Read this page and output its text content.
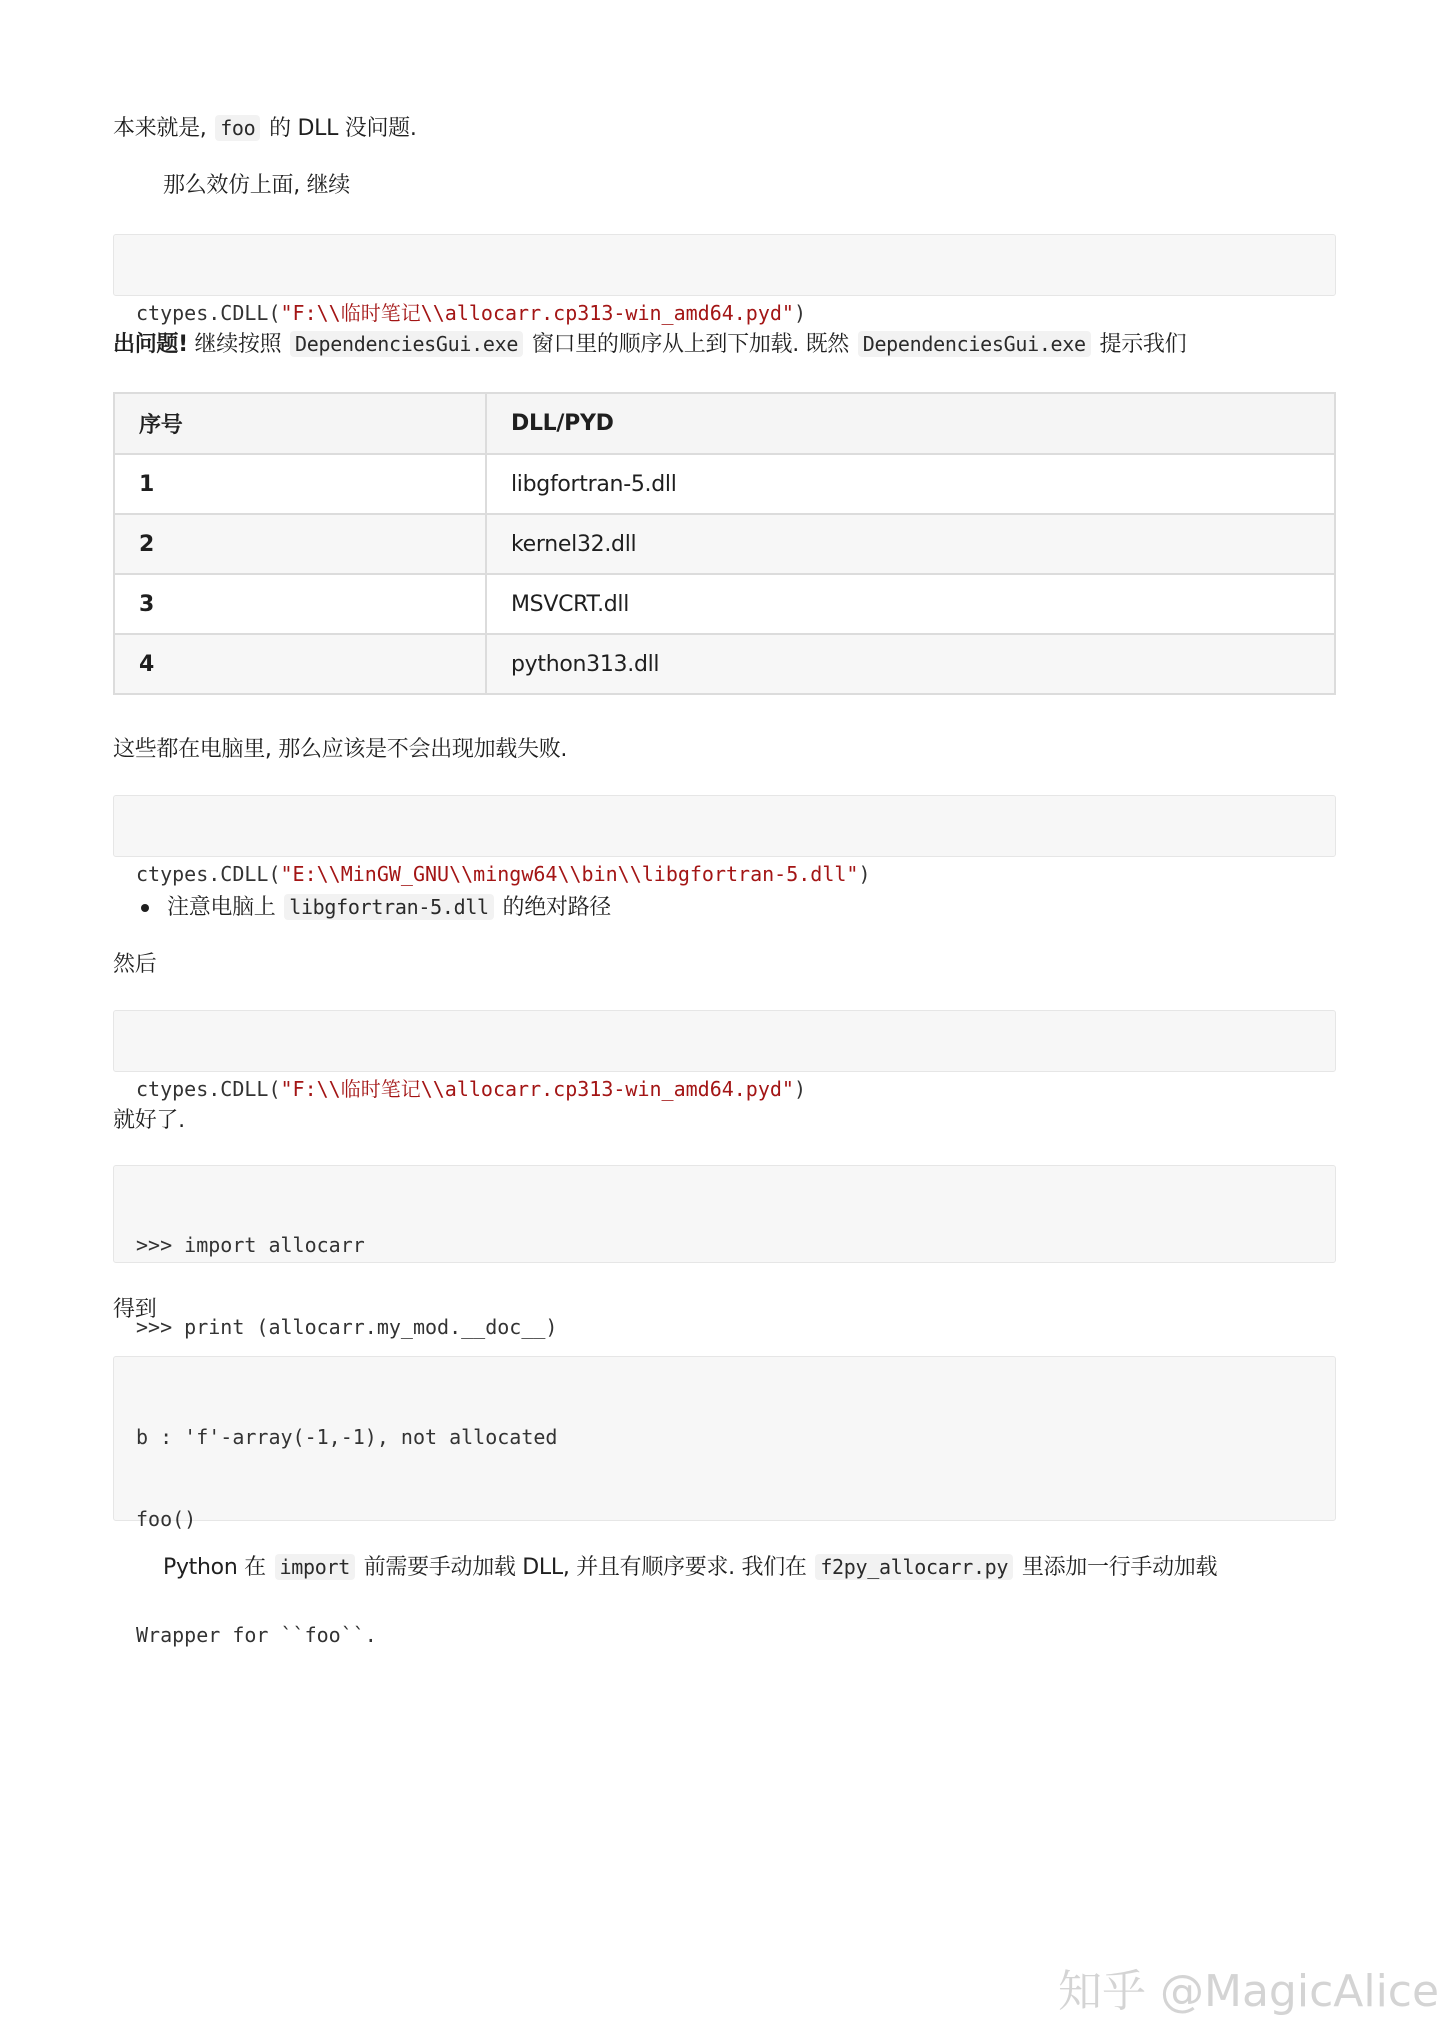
本来就是, foo 的 DLL 没问题.
那么效仿上面, 继续

ctypes.CDLL("F:\\临时笔记\\allocarr.cp313-win_amd64.pyd")

出问题! 继续按照 DependenciesGui.exe 窗口里的顺序从上到下加载. 既然 DependenciesGui.exe 提示我们
序号	DLL/PYD
1	libgfortran-5.dll
2	kernel32.dll
3	MSVCRT.dll
4	python313.dll
这些都在电脑里, 那么应该是不会出现加载失败.

ctypes.CDLL("E:\\MinGW_GNU\\mingw64\\bin\\libgfortran-5.dll")

注意电脑上 libgfortran-5.dll 的绝对路径
然后

ctypes.CDLL("F:\\临时笔记\\allocarr.cp313-win_amd64.pyd")

就好了.

>>> import allocarr

>>> print (allocarr.my_mod.__doc__)

得到

b : 'f'-array(-1,-1), not allocated

foo()

Wrapper for ``foo``.

Python 在 import 前需要手动加载 DLL, 并且有顺序要求. 我们在 f2py_allocarr.py 里添加一行手动加载
知乎 @MagicAlice
